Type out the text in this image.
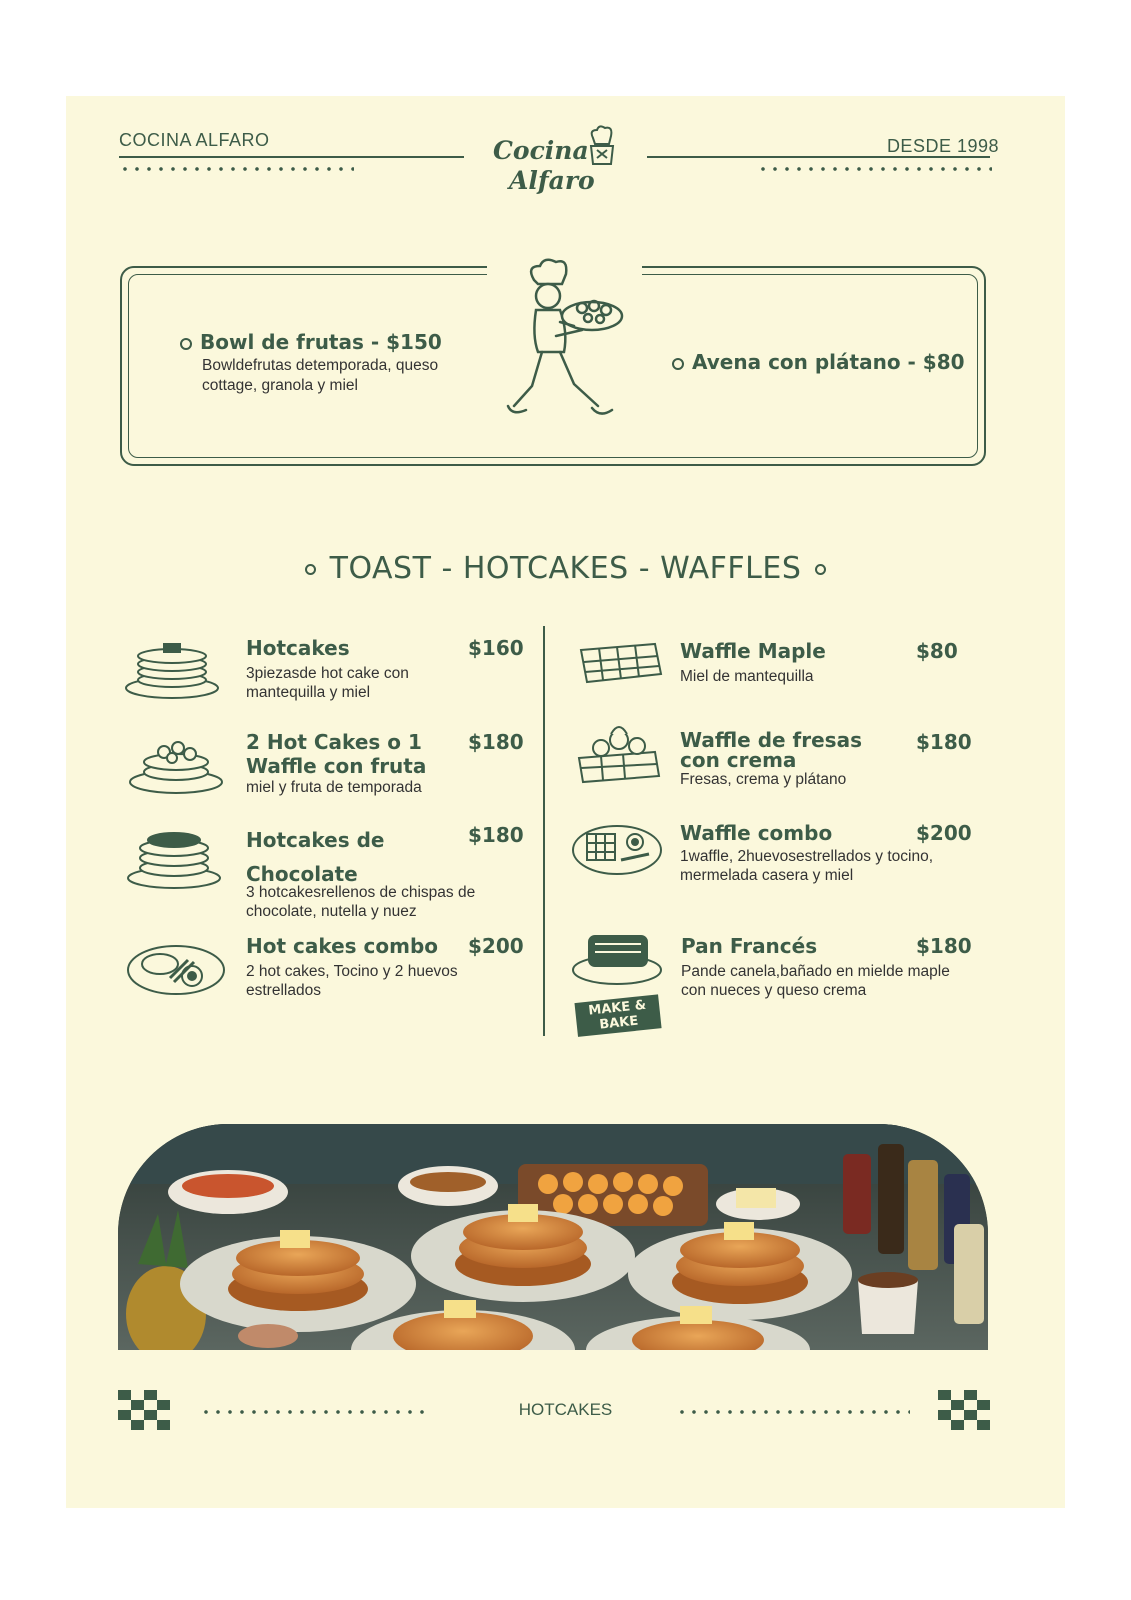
COCINA ALFARO	Cocina
Alfaro
DESDE 1998
Bowl de frutas - $150
Bowldefrutas detemporada, queso cottage, granola y miel
Avena con plátano - $80
TOAST - HOTCAKES - WAFFLES
Hotcakes
3piezasde hot cake con mantequilla y miel
$160
2 Hot Cakes o 1 Waffle con fruta
miel y fruta de temporada
$180
Hotcakes de Chocolate
3 hotcakesrellenos de chispas de chocolate, nutella y nuez
$180
Hot cakes combo
2 hot cakes, Tocino y 2 huevos estrellados
$200
Waffle Maple
Miel de mantequilla
$80
Waffle de fresas con crema
Fresas, crema y plátano
$180
Waffle combo
1waffle, 2huevosestrellados y tocino, mermelada casera y miel
$200
Pan Francés
Pande canela,bañado en mielde maple con nueces y queso crema
$180
MAKE & BAKE
HOTCAKES
